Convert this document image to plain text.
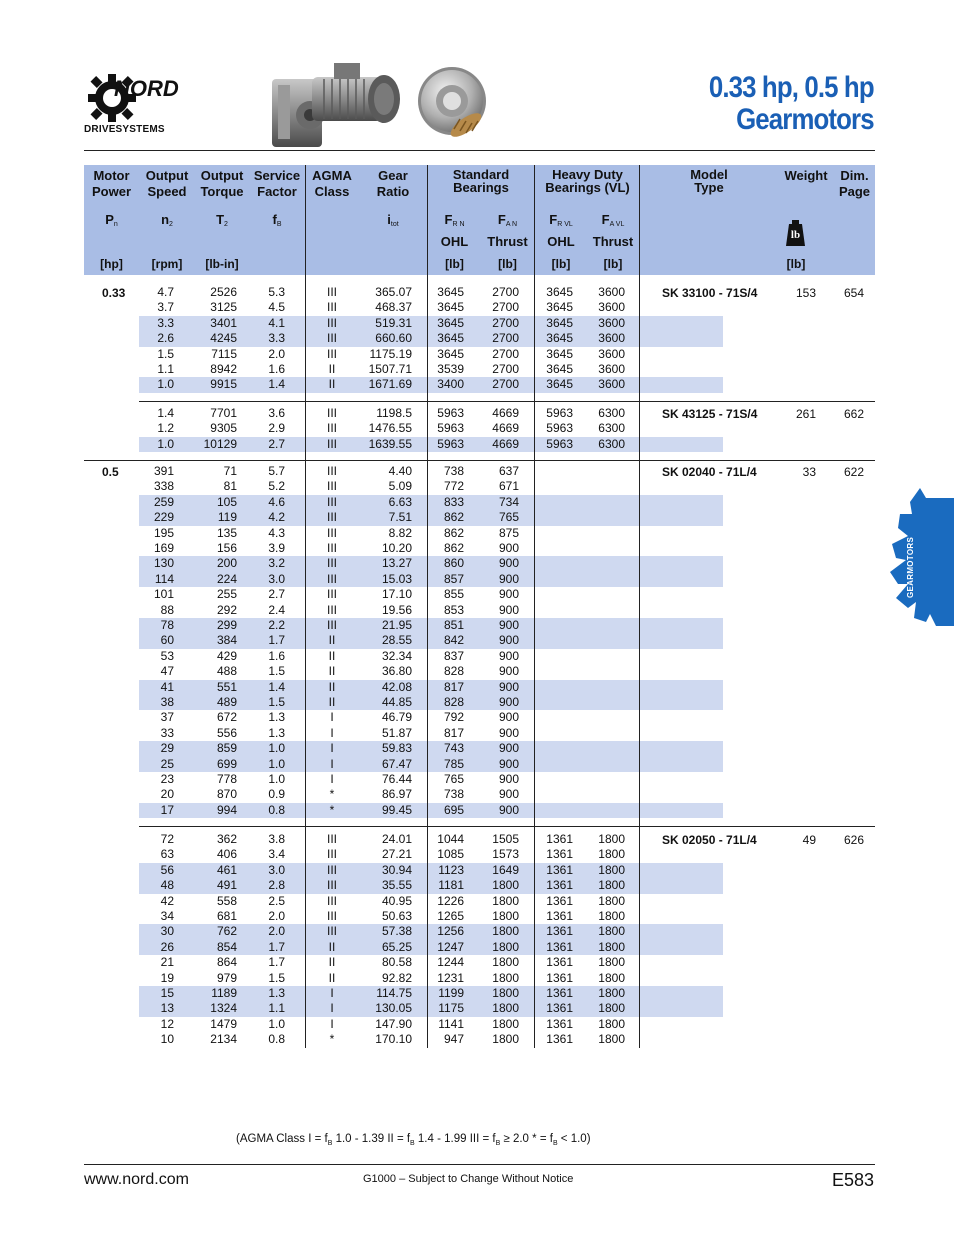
NORD
DRIVESYSTEMS
0.33 hp, 0.5 hp
Gearmotors
Motor Power
$P_n$
[hp]
Output Speed
$n_2$
[rpm]
Output Torque
$T_2$
[lb-in]
Service Factor
$f_B$
AGMA Class
Gear Ratio
$i_{tot}$
Standard Bearings
$F_{R N}$	$F_{A N}$
OHL	Thrust
[lb]	[lb]
Heavy Duty Bearings (VL)
$F_{R VL}$	$F_{A VL}$
OHL	Thrust
[lb]	[lb]
Model Type
Weight
lb
[lb]
Dim. Page
0.33	SK 33100 - 71S/4	153	654
4.7	2526	5.3	III	365.07 3645 2700 3645 3600
3.7	3125	4.5	III	468.37 3645 2700 3645 3600
3.3	3401	4.1	III	519.31 3645 2700 3645 3600
2.6	4245	3.3	III	660.60 3645 2700 3645 3600
1.5	7115	2.0	III	1175.19 3645 2700 3645 3600
1.1	8942	1.6	II	1507.71 3539 2700 3645 3600
1.0	9915	1.4	II	1671.69 3400 2700 3645 3600
SK 43125 - 71S/4	261	662
1.4	7701	3.6	III	1198.5 5963 4669 5963 6300
1.2	9305	2.9	III	1476.55 5963 4669 5963 6300
1.0 10129	2.7	III	1639.55 5963 4669 5963 6300
0.5	SK 02040 - 71L/4	33	622
391	71	5.7	III	4.40	738	637
338	81	5.2	III	5.09	772	671
259	105	4.6	III	6.63	833	734
229	119	4.2	III	7.51	862	765
195	135	4.3	III	8.82	862	875
169	156	3.9	III	10.20	862	900
130	200	3.2	III	13.27	860	900
114	224	3.0	III	15.03	857	900
101	255	2.7	III	17.10	855	900
88	292	2.4	III	19.56	853	900
78	299	2.2	III	21.95	851	900
60	384	1.7	II	28.55	842	900
53	429	1.6	II	32.34	837	900
47	488	1.5	II	36.80	828	900
41	551	1.4	II	42.08	817	900
38	489	1.5	II	44.85	828	900
37	672	1.3	I	46.79	792	900
33	556	1.3	I	51.87	817	900
29	859	1.0	I	59.83	743	900
25	699	1.0	I	67.47	785	900
23	778	1.0	I	76.44	765	900
20	870	0.9	*	86.97	738	900
17	994	0.8	*	99.45	695	900
SK 02050 - 71L/4	49	626
72	362	3.8	III	24.01 1044 1505 1361 1800
63	406	3.4	III	27.21 1085 1573 1361 1800
56	461	3.0	III	30.94 1123 1649 1361 1800
48	491	2.8	III	35.55 1181 1800 1361 1800
42	558	2.5	III	40.95 1226 1800 1361 1800
34	681	2.0	III	50.63 1265 1800 1361 1800
30	762	2.0	III	57.38 1256 1800 1361 1800
26	854	1.7	II	65.25 1247 1800 1361 1800
21	864	1.7	II	80.58 1244 1800 1361 1800
19	979	1.5	II	92.82 1231 1800 1361 1800
15	1189	1.3	I	114.75 1199 1800 1361 1800
13	1324	1.1	I	130.05 1175 1800 1361 1800
12	1479	1.0	I	147.90 1141 1800 1361 1800
10	2134	0.8	*	170.10	947 1800 1361 1800
GEARMOTORS
(AGMA Class $I = f_B$ 1.0 - 1.39 II = $f_B$ 1.4 - 1.99 III = $f_B \ge 2.0$ * = $f_B < 1.0$)
www.nord.com	G1000 – Subject to Change Without Notice	E583
